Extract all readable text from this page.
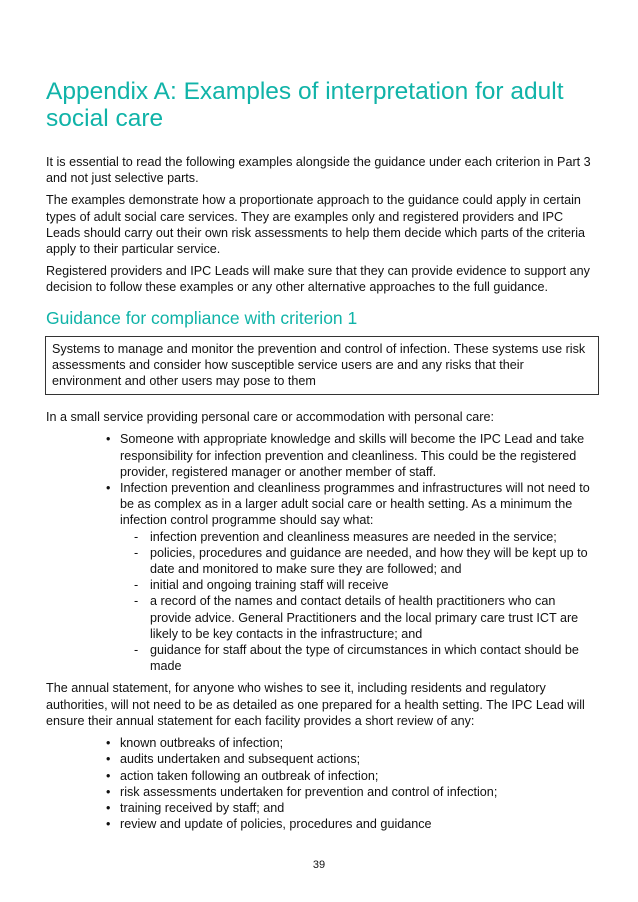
Appendix A: Examples of interpretation for adult social care

It is essential to read the following examples alongside the guidance under each criterion in Part 3 and not just selective parts.

The examples demonstrate how a proportionate approach to the guidance could apply in certain types of adult social care services. They are examples only and registered providers and IPC Leads should carry out their own risk assessments to help them decide which parts of the criteria apply to their particular service.

Registered providers and IPC Leads will make sure that they can provide evidence to support any decision to follow these examples or any other alternative approaches to the full guidance.

Guidance for compliance with criterion 1

Systems to manage and monitor the prevention and control of infection. These systems use risk assessments and consider how susceptible service users are and any risks that their environment and other users may pose to them

In a small service providing personal care or accommodation with personal care:

• Someone with appropriate knowledge and skills will become the IPC Lead and take responsibility for infection prevention and cleanliness. This could be the registered provider, registered manager or another member of staff.
• Infection prevention and cleanliness programmes and infrastructures will not need to be as complex as in a larger adult social care or health setting. As a minimum the infection control programme should say what:
- infection prevention and cleanliness measures are needed in the service;
- policies, procedures and guidance are needed, and how they will be kept up to date and monitored to make sure they are followed; and
- initial and ongoing training staff will receive
- a record of the names and contact details of health practitioners who can provide advice. General Practitioners and the local primary care trust ICT are likely to be key contacts in the infrastructure; and
- guidance for staff about the type of circumstances in which contact should be made

The annual statement, for anyone who wishes to see it, including residents and regulatory authorities, will not need to be as detailed as one prepared for a health setting. The IPC Lead will ensure their annual statement for each facility provides a short review of any:

• known outbreaks of infection;
• audits undertaken and subsequent actions;
• action taken following an outbreak of infection;
• risk assessments undertaken for prevention and control of infection;
• training received by staff; and
• review and update of policies, procedures and guidance
39
